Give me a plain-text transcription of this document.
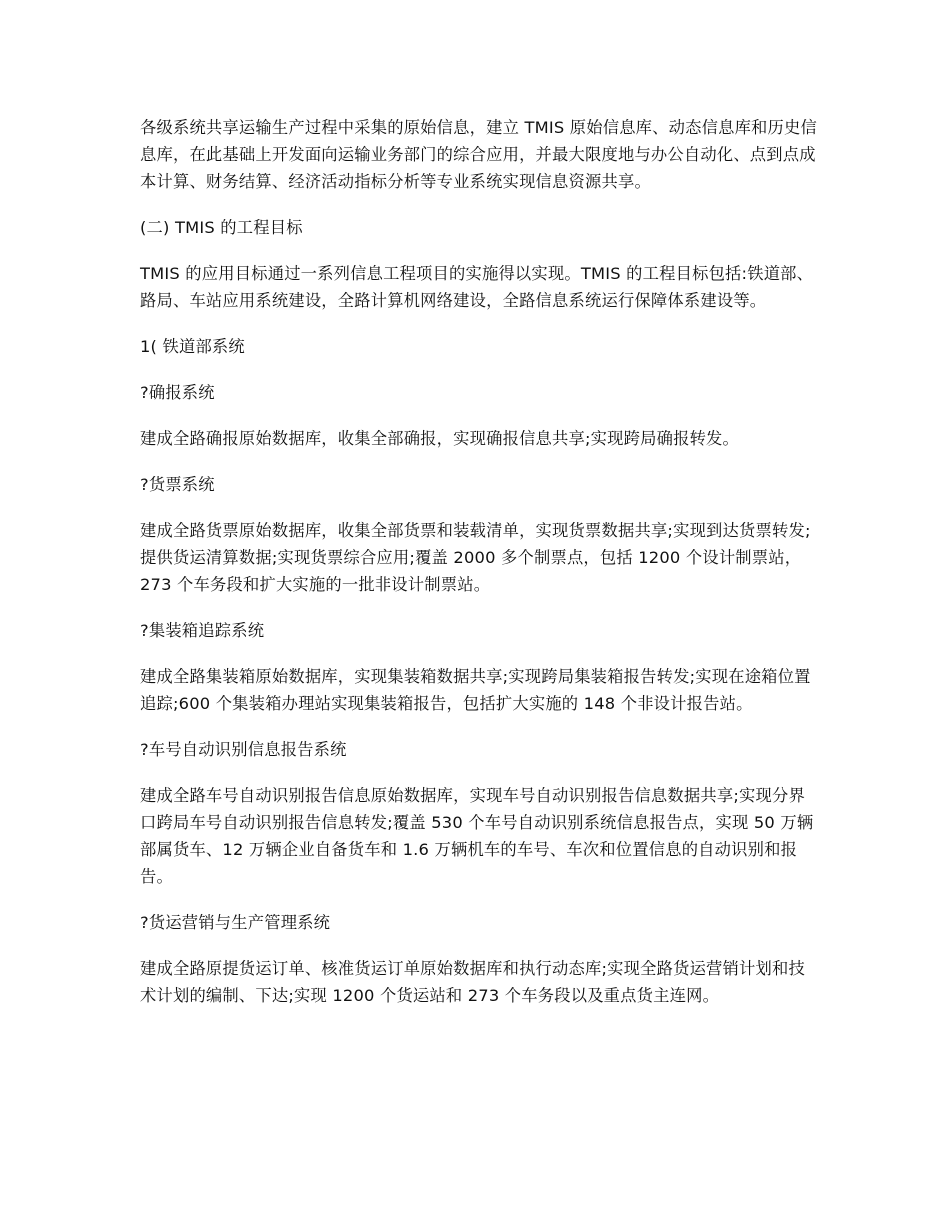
各级系统共享运输生产过程中采集的原始信息，建立 TMIS 原始信息库、动态信息库和历史信息库，在此基础上开发面向运输业务部门的综合应用，并最大限度地与办公自动化、点到点成本计算、财务结算、经济活动指标分析等专业系统实现信息资源共享。

(二) TMIS 的工程目标

TMIS 的应用目标通过一系列信息工程项目的实施得以实现。TMIS 的工程目标包括:铁道部、路局、车站应用系统建设，全路计算机网络建设，全路信息系统运行保障体系建设等。

1( 铁道部系统

?确报系统

建成全路确报原始数据库，收集全部确报，实现确报信息共享;实现跨局确报转发。

?货票系统

建成全路货票原始数据库，收集全部货票和装载清单，实现货票数据共享;实现到达货票转发;提供货运清算数据;实现货票综合应用;覆盖 2000 多个制票点，包括 1200 个设计制票站，273 个车务段和扩大实施的一批非设计制票站。

?集装箱追踪系统

建成全路集装箱原始数据库，实现集装箱数据共享;实现跨局集装箱报告转发;实现在途箱位置追踪;600 个集装箱办理站实现集装箱报告，包括扩大实施的 148 个非设计报告站。

?车号自动识别信息报告系统

建成全路车号自动识别报告信息原始数据库，实现车号自动识别报告信息数据共享;实现分界口跨局车号自动识别报告信息转发;覆盖 530 个车号自动识别系统信息报告点，实现 50 万辆部属货车、12 万辆企业自备货车和 1.6 万辆机车的车号、车次和位置信息的自动识别和报告。

?货运营销与生产管理系统

建成全路原提货运订单、核准货运订单原始数据库和执行动态库;实现全路货运营销计划和技术计划的编制、下达;实现 1200 个货运站和 273 个车务段以及重点货主连网。
